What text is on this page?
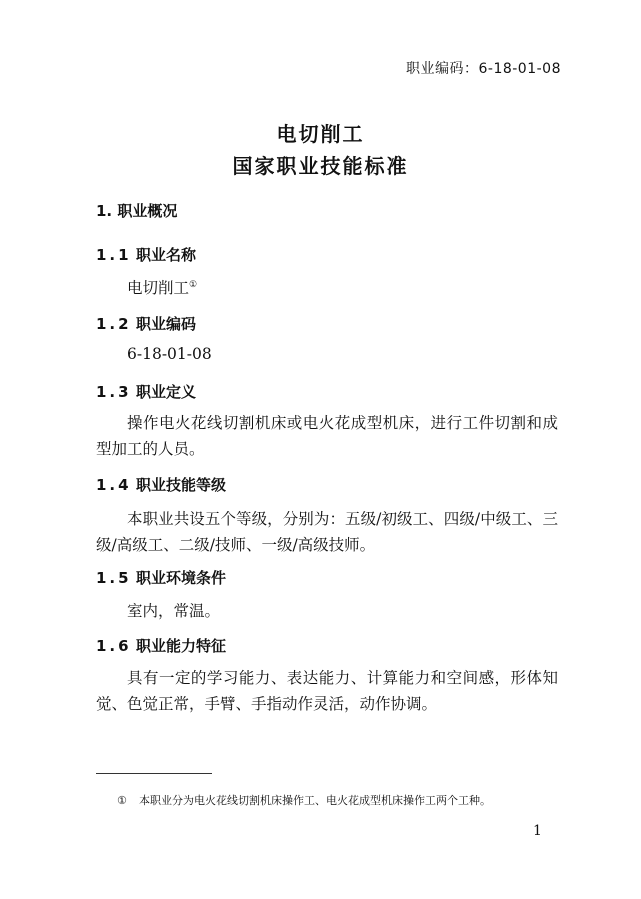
职业编码：6-18-01-08
电切削工
国家职业技能标准
1. 职业概况
1.1 职业名称
电切削工①
1.2 职业编码
6-18-01-08
1.3 职业定义
操作电火花线切割机床或电火花成型机床，进行工件切割和成型加工的人员。
1.4 职业技能等级
本职业共设五个等级，分别为：五级/初级工、四级/中级工、三级/高级工、二级/技师、一级/高级技师。
1.5 职业环境条件
室内，常温。
1.6 职业能力特征
具有一定的学习能力、表达能力、计算能力和空间感，形体知觉、色觉正常，手臂、手指动作灵活，动作协调。
① 本职业分为电火花线切割机床操作工、电火花成型机床操作工两个工种。
1
